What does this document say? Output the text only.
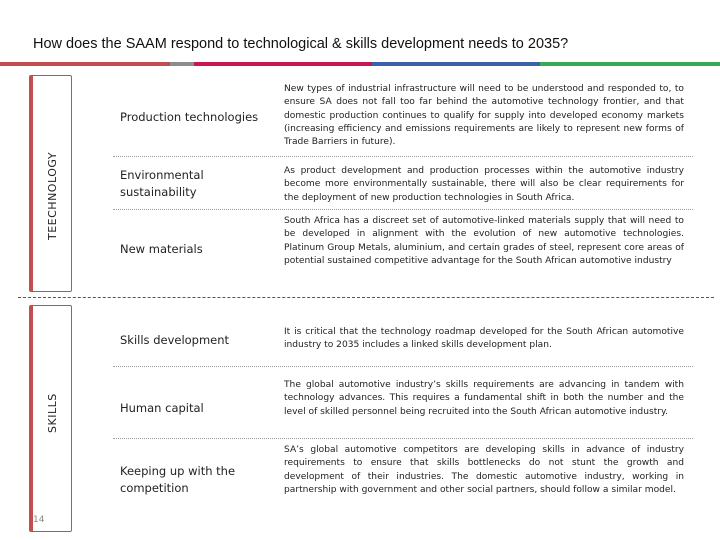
How does the SAAM respond to technological & skills development needs to 2035?
TEECHNOLOGY
SKILLS
Production technologies
New types of industrial infrastructure will need to be understood and responded to, to ensure SA does not fall too far behind the automotive technology frontier, and that domestic production continues to qualify for supply into developed economy markets (increasing efficiency and emissions requirements are likely to represent new forms of Trade Barriers in future).
Environmental sustainability
As product development and production processes within the automotive industry become more environmentally sustainable, there will also be clear requirements for the deployment of new production technologies in South Africa.
New materials
South Africa has a discreet set of automotive-linked materials supply that will need to be developed in alignment with the evolution of new automotive technologies. Platinum Group Metals, aluminium, and certain grades of steel, represent core areas of potential sustained competitive advantage for the South African automotive industry
Skills development
It is critical that the technology roadmap developed for the South African automotive industry to 2035 includes a linked skills development plan.
Human capital
The global automotive industry’s skills requirements are advancing in tandem with technology advances. This requires a fundamental shift in both the number and the level of skilled personnel being recruited into the South African automotive industry.
Keeping up with the competition
SA’s global automotive competitors are developing skills in advance of industry requirements to ensure that skills bottlenecks do not stunt the growth and development of their industries. The domestic automotive industry, working in partnership with government and other social partners, should follow a similar model.
14
